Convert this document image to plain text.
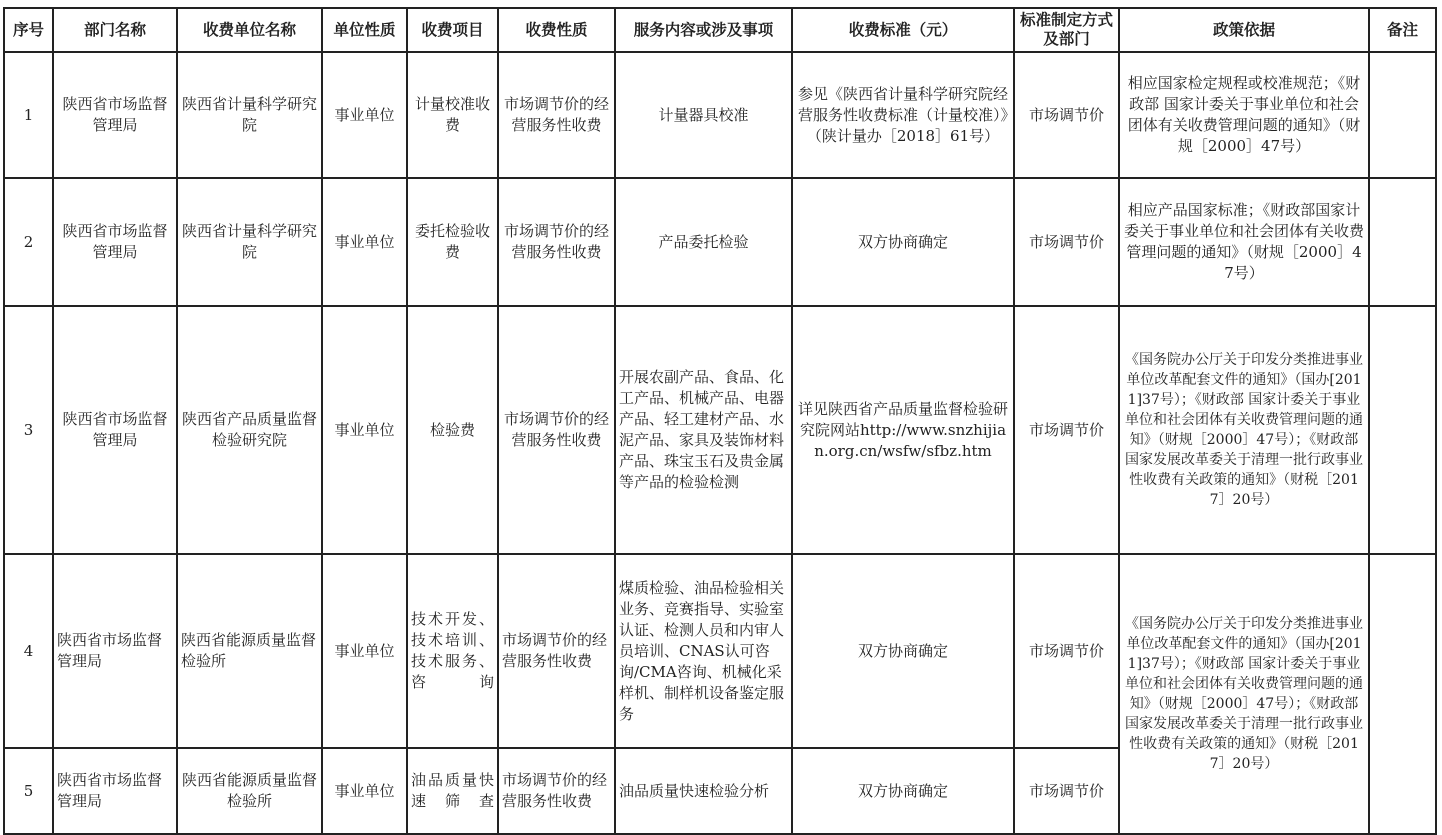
序号	部门名称	收费单位名称	单位性质	收费项目	收费性质	服务内容或涉及事项	收费标准（元）	标准制定方式及部门	政策依据	备注
1	陕西省市场监督管理局	陕西省计量科学研究院	事业单位	计量校准收费	市场调节价的经营服务性收费	计量器具校准	参见《陕西省计量科学研究院经营服务性收费标准（计量校准）》（陕计量办［2018］61号）	市场调节价	相应国家检定规程或校准规范；《财政部 国家计委关于事业单位和社会团体有关收费管理问题的通知》（财规［2000］47号）	
2	陕西省市场监督管理局	陕西省计量科学研究院	事业单位	委托检验收费	市场调节价的经营服务性收费	产品委托检验	双方协商确定	市场调节价	相应产品国家标准；《财政部国家计委关于事业单位和社会团体有关收费管理问题的通知》（财规［2000］47号）	
3	陕西省市场监督管理局	陕西省产品质量监督检验研究院	事业单位	检验费	市场调节价的经营服务性收费	开展农副产品、食品、化工产品、机械产品、电器产品、轻工建材产品、水泥产品、家具及装饰材料产品、珠宝玉石及贵金属等产品的检验检测	详见陕西省产品质量监督检验研究院网站http://www.snzhijian.org.cn/wsfw/sfbz.htm	市场调节价	《国务院办公厅关于印发分类推进事业单位改革配套文件的通知》（国办[2011]37号）；《财政部 国家计委关于事业单位和社会团体有关收费管理问题的通知》（财规［2000］47号）；《财政部国家发展改革委关于清理一批行政事业性收费有关政策的通知》（财税［2017］20号）	
4	陕西省市场监督管理局	陕西省能源质量监督检验所	事业单位	技术开发、技术培训、技术服务、咨询	市场调节价的经营服务性收费	煤质检验、油品检验相关业务、竞赛指导、实验室认证、检测人员和内审人员培训、CNAS认可咨询/CMA咨询、机械化采样机、制样机设备鉴定服务	双方协商确定	市场调节价	《国务院办公厅关于印发分类推进事业单位改革配套文件的通知》（国办[2011]37号）；《财政部 国家计委关于事业单位和社会团体有关收费管理问题的通知》（财规［2000］47号）；《财政部国家发展改革委关于清理一批行政事业性收费有关政策的通知》（财税［2017］20号）	
5	陕西省市场监督管理局	陕西省能源质量监督检验所	事业单位	油品质量快速筛查	市场调节价的经营服务性收费	油品质量快速检验分析	双方协商确定	市场调节价		
